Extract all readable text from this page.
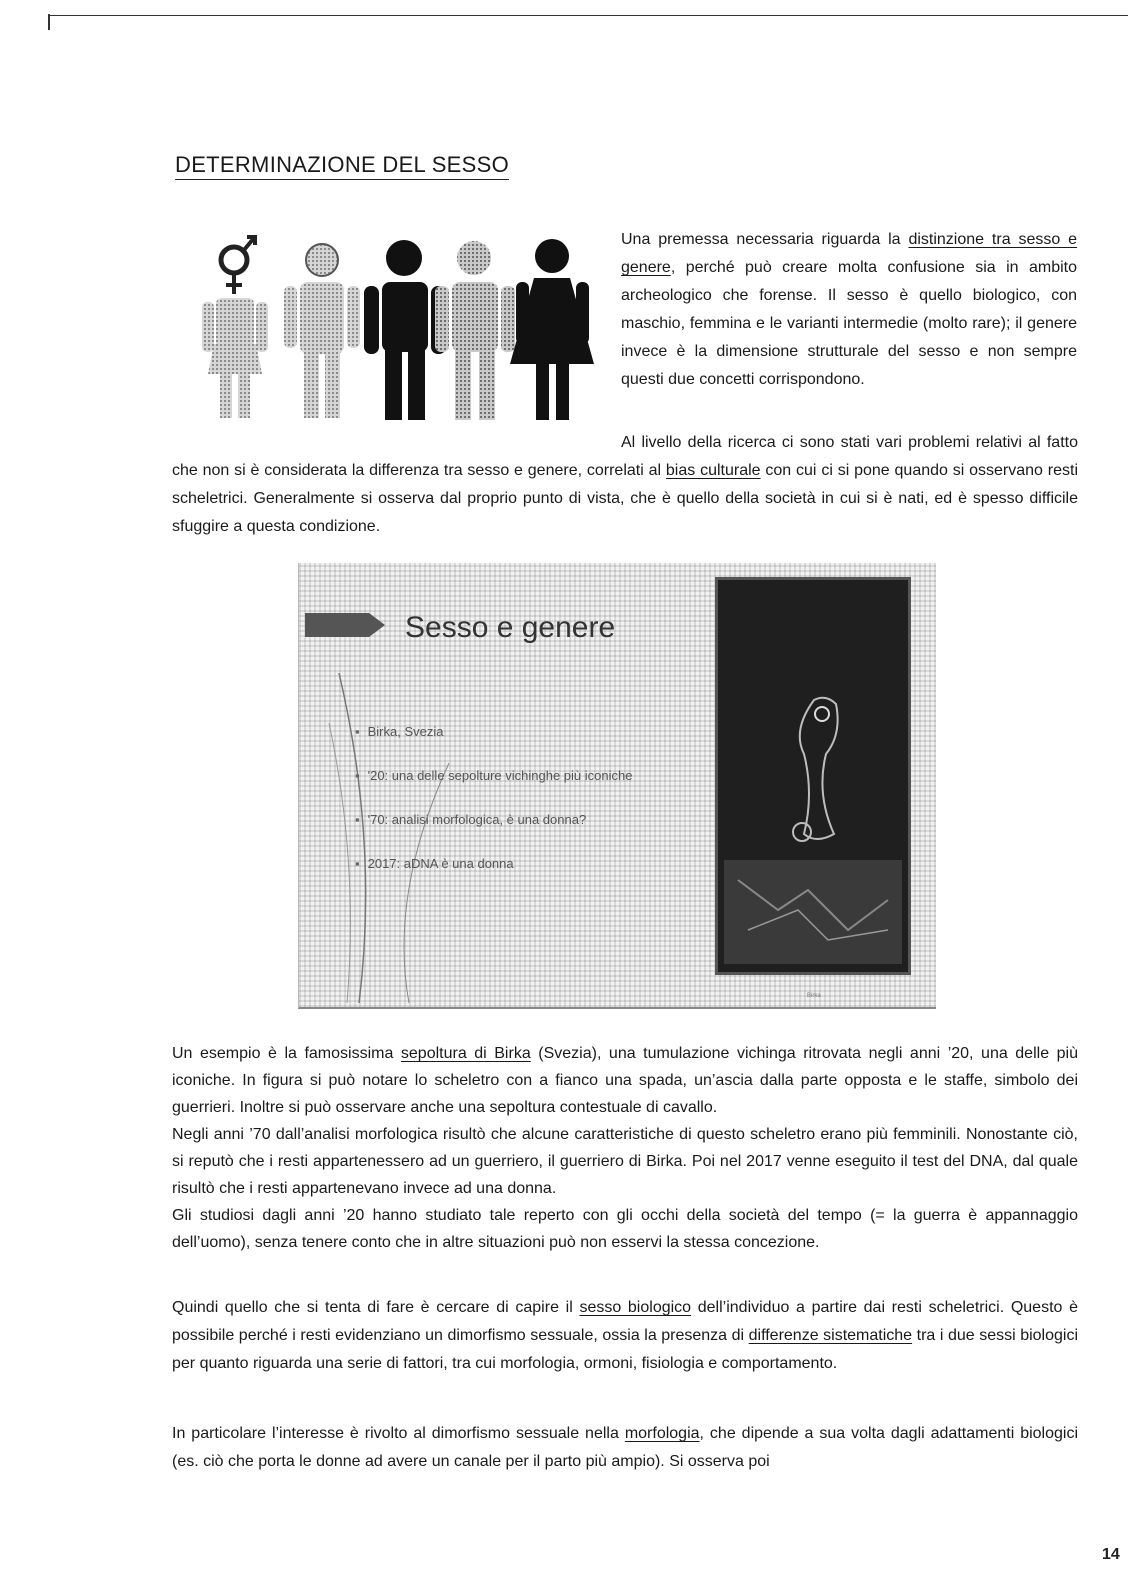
DETERMINAZIONE DEL SESSO

Una premessa necessaria riguarda la distinzione tra sesso e genere, perché può creare molta confusione sia in ambito archeologico che forense. Il sesso è quello biologico, con maschio, femmina e le varianti intermedie (molto rare); il genere invece è la dimensione strutturale del sesso e non sempre questi due concetti corrispondono.

Al livello della ricerca ci sono stati vari problemi relativi al fatto che non si è considerata la differenza tra sesso e genere, correlati al bias culturale con cui ci si pone quando si osservano resti scheletrici. Generalmente si osserva dal proprio punto di vista, che è quello della società in cui si è nati, ed è spesso difficile sfuggire a questa condizione.

Sesso e genere
▪ Birka, Svezia
▪ '20: una delle sepolture vichinghe più iconiche
▪ '70: analisi morfologica, è una donna?
▪ 2017: aDNA è una donna
Birka
Un esempio è la famosissima sepoltura di Birka (Svezia), una tumulazione vichinga ritrovata negli anni ’20, una delle più iconiche. In figura si può notare lo scheletro con a fianco una spada, un’ascia dalla parte opposta e le staffe, simbolo dei guerrieri. Inoltre si può osservare anche una sepoltura contestuale di cavallo.
Negli anni ’70 dall’analisi morfologica risultò che alcune caratteristiche di questo scheletro erano più femminili. Nonostante ciò, si reputò che i resti appartenessero ad un guerriero, il guerriero di Birka. Poi nel 2017 venne eseguito il test del DNA, dal quale risultò che i resti appartenevano invece ad una donna.
Gli studiosi dagli anni ’20 hanno studiato tale reperto con gli occhi della società del tempo (= la guerra è appannaggio dell’uomo), senza tenere conto che in altre situazioni può non esservi la stessa concezione.

Quindi quello che si tenta di fare è cercare di capire il sesso biologico dell’individuo a partire dai resti scheletrici. Questo è possibile perché i resti evidenziano un dimorfismo sessuale, ossia la presenza di differenze sistematiche tra i due sessi biologici per quanto riguarda una serie di fattori, tra cui morfologia, ormoni, fisiologia e comportamento.

In particolare l’interesse è rivolto al dimorfismo sessuale nella morfologia, che dipende a sua volta dagli adattamenti biologici (es. ciò che porta le donne ad avere un canale per il parto più ampio). Si osserva poi

14
